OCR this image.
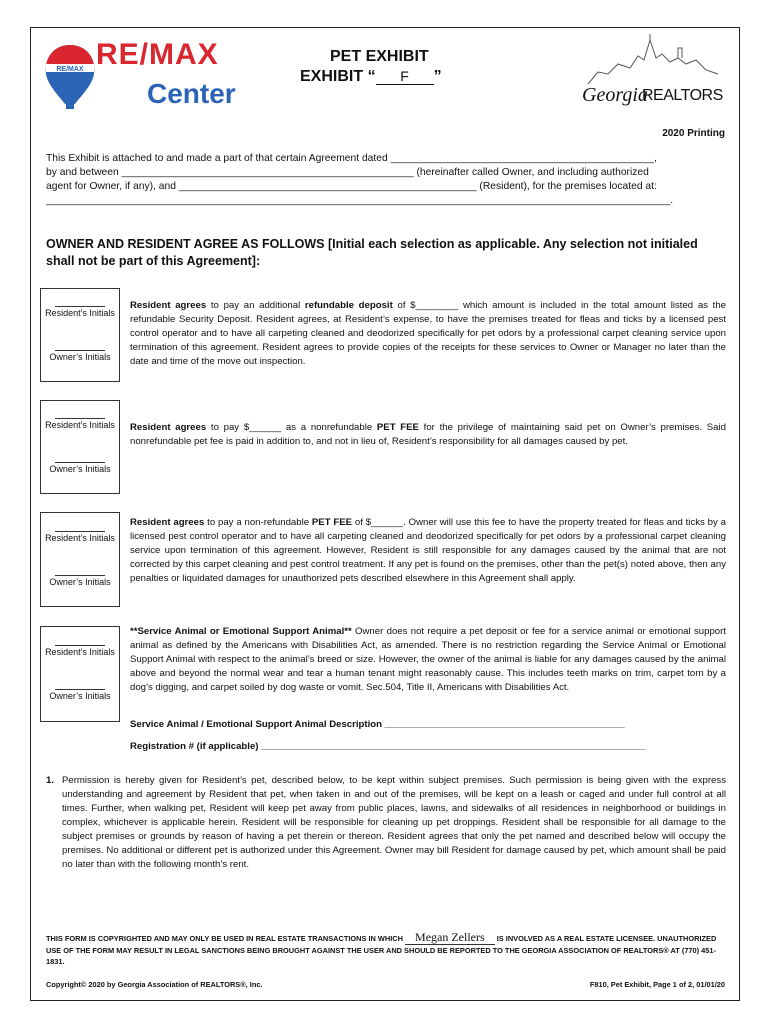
RE/MAX RE/MAX
Center
PET EXHIBIT
EXHIBIT “ F ”
Georgia
REALTORS
2020 Printing
This Exhibit is attached to and made a part of that certain Agreement dated ______________________________________________,
by and between ___________________________________________________ (hereinafter called Owner, and including authorized
agent for Owner, if any), and ____________________________________________________ (Resident), for the premises located at:
_____________________________________________________________________________________________________________.
OWNER AND RESIDENT AGREE AS FOLLOWS [Initial each selection as applicable. Any selection not initialed shall not be part of this Agreement]:
Resident’s Initials
Owner’s Initials
Resident’s Initials
Owner’s Initials
Resident’s Initials
Owner’s Initials
Resident’s Initials
Owner’s Initials
Resident agrees to pay an additional refundable deposit of $________ which amount is included in the total amount listed as the refundable Security Deposit. Resident agrees, at Resident’s expense, to have the premises treated for fleas and ticks by a licensed pest control operator and to have all carpeting cleaned and deodorized specifically for pet odors by a professional carpet cleaning service upon termination of this agreement. Resident agrees to provide copies of the receipts for these services to Owner or Manager no later than the date and time of the move out inspection.
Resident agrees to pay $______ as a nonrefundable PET FEE for the privilege of maintaining said pet on Owner’s premises. Said nonrefundable pet fee is paid in addition to, and not in lieu of, Resident’s responsibility for all damages caused by pet.
Resident agrees to pay a non-refundable PET FEE of $______. Owner will use this fee to have the property treated for fleas and ticks by a licensed pest control operator and to have all carpeting cleaned and deodorized specifically for pet odors by a professional carpet cleaning service upon termination of this agreement. However, Resident is still responsible for any damages caused by the animal that are not corrected by this carpet cleaning and pest control treatment. If any pet is found on the premises, other than the pet(s) noted above, then any penalties or liquidated damages for unauthorized pets described elsewhere in this Agreement shall apply.
**Service Animal or Emotional Support Animal** Owner does not require a pet deposit or fee for a service animal or emotional support animal as defined by the Americans with Disabilities Act, as amended. There is no restriction regarding the Service Animal or Emotional Support Animal with respect to the animal’s breed or size. However, the owner of the animal is liable for any damages caused by the animal above and beyond the normal wear and tear a human tenant might reasonably cause. This includes teeth marks on trim, carpet torn by a dog’s digging, and carpet soiled by dog waste or vomit. Sec.504, Title II, Americans with Disabilities Act.
Service Animal / Emotional Support Animal Description _____________________________________________
Registration # (if applicable) ________________________________________________________________________
1. Permission is hereby given for Resident’s pet, described below, to be kept within subject premises. Such permission is being given with the express understanding and agreement by Resident that pet, when taken in and out of the premises, will be kept on a leash or caged and under full control at all times. Further, when walking pet, Resident will keep pet away from public places, lawns, and sidewalks of all residences in neighborhood or buildings in complex, whichever is applicable herein. Resident will be responsible for cleaning up pet droppings. Resident shall be responsible for all damage to the subject premises or grounds by reason of having a pet therein or thereon. Resident agrees that only the pet named and described below will occupy the premises. No additional or different pet is authorized under this Agreement. Owner may bill Resident for damage caused by pet, which amount shall be paid no later than with the following month’s rent.
THIS FORM IS COPYRIGHTED AND MAY ONLY BE USED IN REAL ESTATE TRANSACTIONS IN WHICH Megan Zellers IS INVOLVED AS A REAL ESTATE LICENSEE. UNAUTHORIZED USE OF THE FORM MAY RESULT IN LEGAL SANCTIONS BEING BROUGHT AGAINST THE USER AND SHOULD BE REPORTED TO THE GEORGIA ASSOCIATION OF REALTORS® AT (770) 451-1831.
Copyright© 2020 by Georgia Association of REALTORS®, Inc.	F810, Pet Exhibit, Page 1 of 2, 01/01/20
